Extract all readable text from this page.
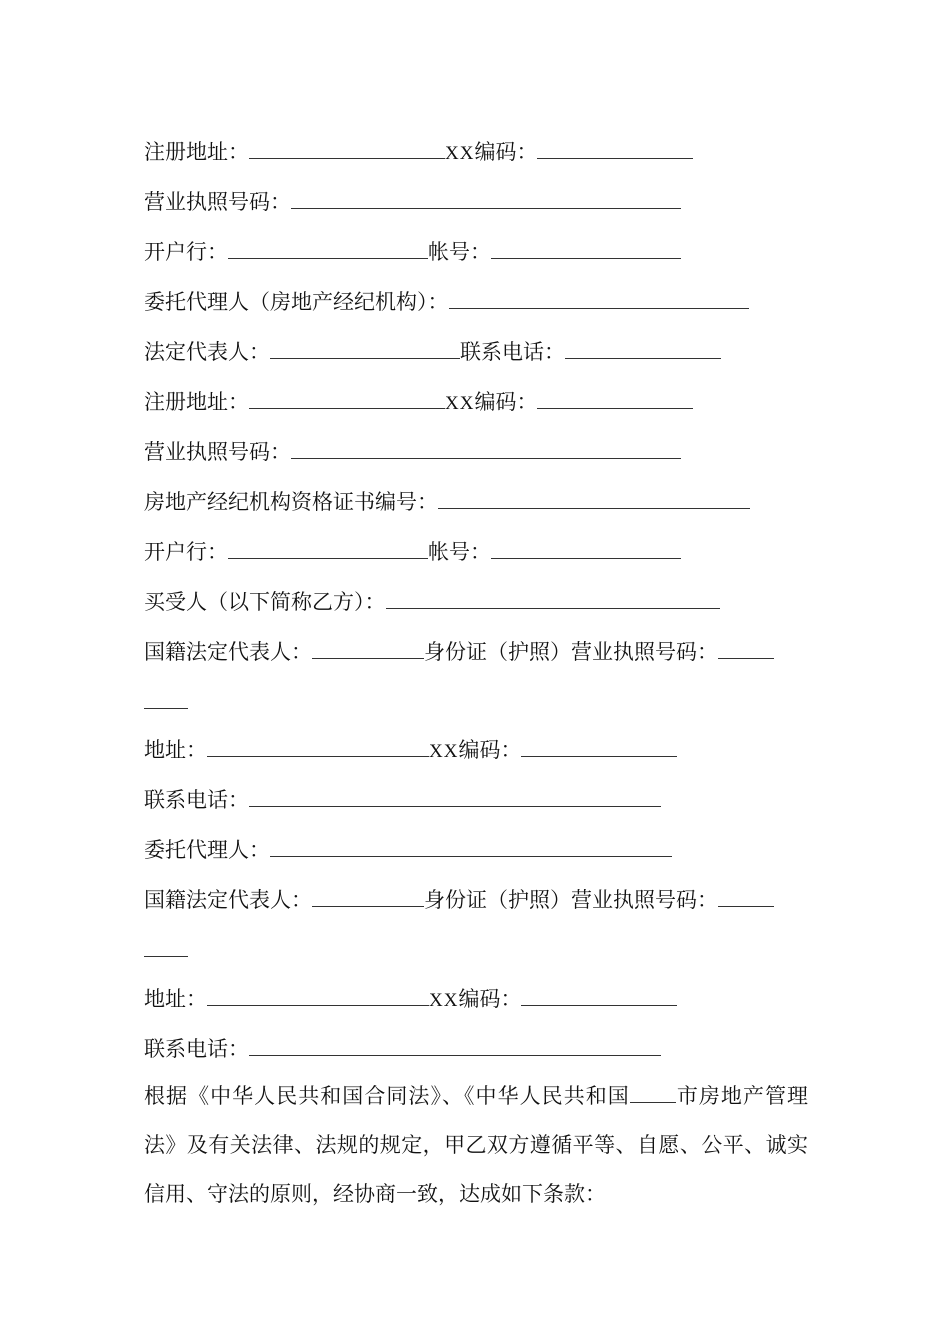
注册地址：	XX编码：
营业执照号码：
开户行：	帐号：
委托代理人（房地产经纪机构）：
法定代表人：	联系电话：
注册地址：	XX编码：
营业执照号码：
房地产经纪机构资格证书编号：
开户行：	帐号：
买受人（以下简称乙方）：
国籍法定代表人：	身份证（护照）营业执照号码：
地址：	XX编码：
联系电话：
委托代理人：
国籍法定代表人：	身份证（护照）营业执照号码：
地址：	XX编码：
联系电话：
根据《中华人民共和国合同法》、《中华人民共和国 市房地产管理法》及有关法律、法规的规定，甲乙双方遵循平等、自愿、公平、诚实信用、守法的原则，经协商一致，达成如下条款：
